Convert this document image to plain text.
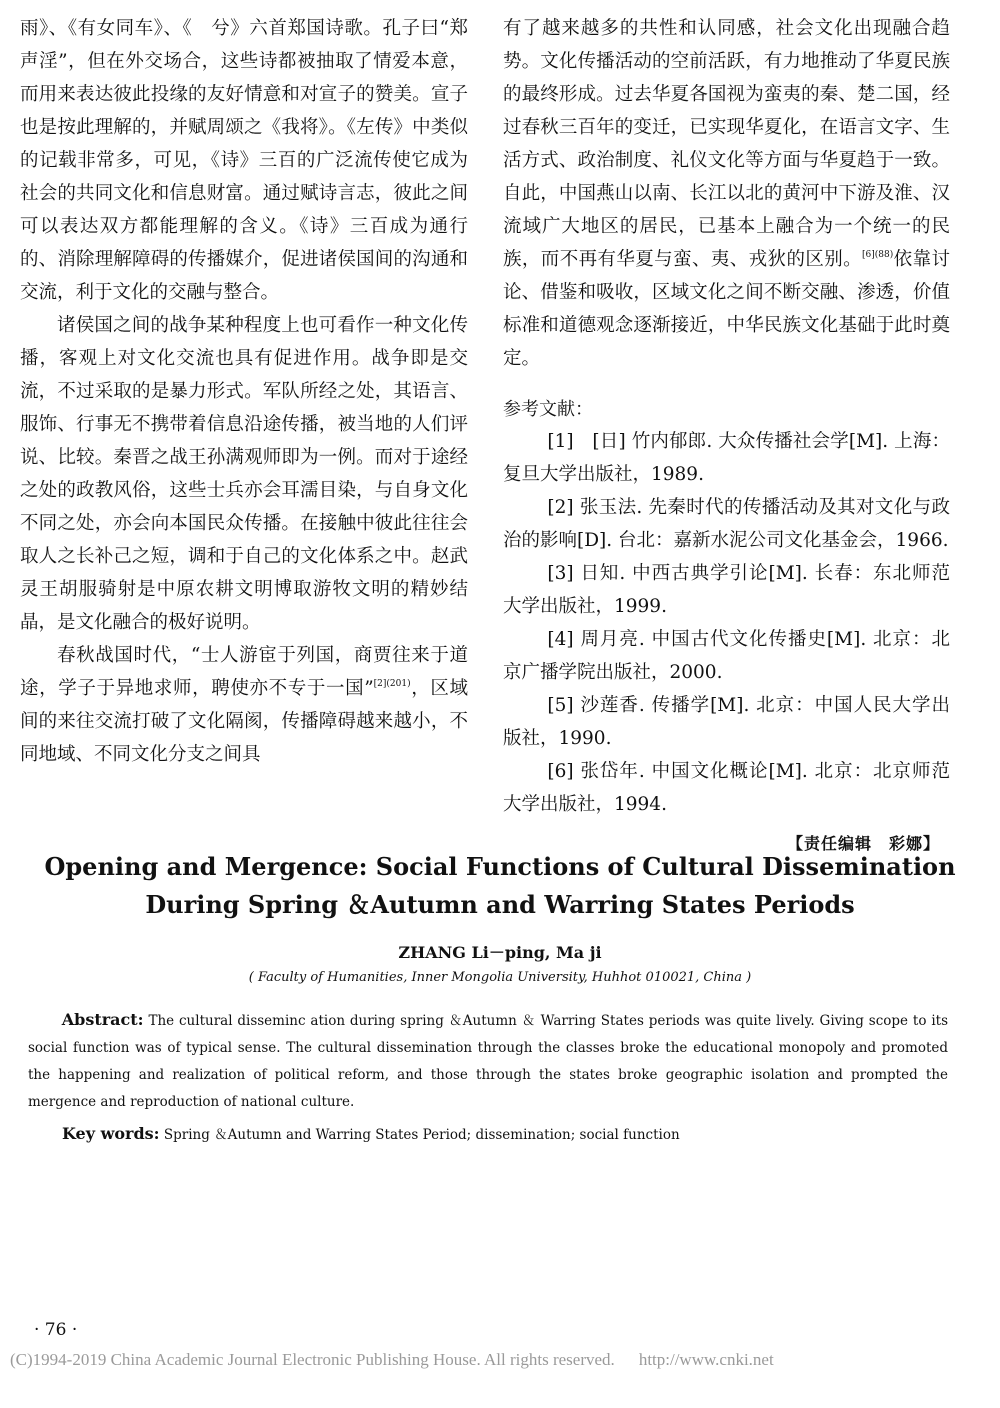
雨》、《有女同车》、《　兮》六首郑国诗歌。孔子曰“郑声淫”，但在外交场合，这些诗都被抽取了情爱本意，而用来表达彼此投缘的友好情意和对宣子的赞美。宣子也是按此理解的，并赋周颂之《我将》。《左传》中类似的记载非常多，可见，《诗》三百的广泛流传使它成为社会的共同文化和信息财富。通过赋诗言志，彼此之间可以表达双方都能理解的含义。《诗》三百成为通行的、消除理解障碍的传播媒介，促进诸侯国间的沟通和交流，利于文化的交融与整合。

诸侯国之间的战争某种程度上也可看作一种文化传播，客观上对文化交流也具有促进作用。战争即是交流，不过采取的是暴力形式。军队所经之处，其语言、服饰、行事无不携带着信息沿途传播，被当地的人们评说、比较。秦晋之战王孙满观师即为一例。而对于途经之处的政教风俗，这些士兵亦会耳濡目染，与自身文化不同之处，亦会向本国民众传播。在接触中彼此往往会取人之长补己之短，调和于自己的文化体系之中。赵武灵王胡服骑射是中原农耕文明博取游牧文明的精妙结晶，是文化融合的极好说明。

春秋战国时代，“士人游宦于列国，商贾往来于道途，学子于异地求师，聘使亦不专于一国”$^{[2](201)}$，区域间的来往交流打破了文化隔阂，传播障碍越来越小，不同地域、不同文化分支之间具

有了越来越多的共性和认同感，社会文化出现融合趋势。文化传播活动的空前活跃，有力地推动了华夏民族的最终形成。过去华夏各国视为蛮夷的秦、楚二国，经过春秋三百年的变迁，已实现华夏化，在语言文字、生活方式、政治制度、礼仪文化等方面与华夏趋于一致。自此，中国燕山以南、长江以北的黄河中下游及淮、汉流域广大地区的居民，已基本上融合为一个统一的民族，而不再有华夏与蛮、夷、戎狄的区别。$^{[6](88)}$依靠讨论、借鉴和吸收，区域文化之间不断交融、渗透，价值标准和道德观念逐渐接近，中华民族文化基础于此时奠定。

参考文献：

[1]　[日] 竹内郁郎. 大众传播社会学[M]. 上海：复旦大学出版社，1989.

[2] 张玉法. 先秦时代的传播活动及其对文化与政治的影响[D]. 台北：嘉新水泥公司文化基金会，1966.

[3] 日知. 中西古典学引论[M]. 长春：东北师范大学出版社，1999.

[4] 周月亮. 中国古代文化传播史[M]. 北京：北京广播学院出版社，2000.

[5] 沙莲香. 传播学[M]. 北京：中国人民大学出版社，1990.

[6] 张岱年. 中国文化概论[M]. 北京：北京师范大学出版社，1994.

【责任编辑　彩娜】
Opening and Mergence: Social Functions of Cultural Dissemination
During Spring ＆Autumn and Warring States Periods
ZHANG Li－ping, Ma ji
( Faculty of Humanities, Inner Mongolia University, Huhhot 010021, China )
Abstract: The cultural disseminc ation during spring ＆Autumn ＆ Warring States periods was quite lively. Giving scope to its social function was of typical sense. The cultural dissemination through the classes broke the educational monopoly and promoted the happening and realization of political reform, and those through the states broke geographic isolation and prompted the mergence and reproduction of national culture.
Key words: Spring ＆Autumn and Warring States Period; dissemination; social function
· 76 ·
(C)1994-2019 China Academic Journal Electronic Publishing House. All rights reserved. http://www.cnki.net
